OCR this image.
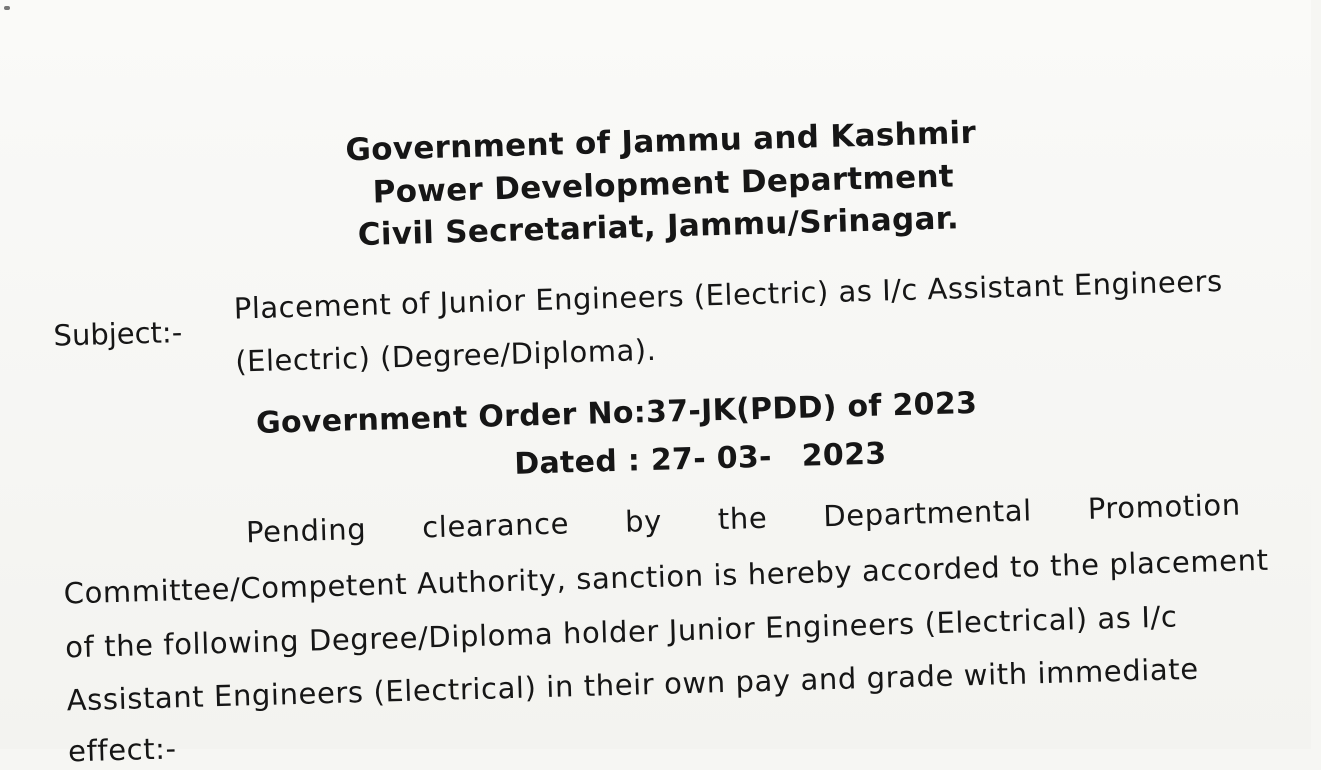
Government of Jammu and Kashmir
Power Development Department
Civil Secretariat, Jammu/Srinagar.
Subject:-
Placement of Junior Engineers (Electric) as I/c Assistant Engineers
(Electric) (Degree/Diploma).
Government Order No:37-JK(PDD) of 2023
Dated : 27- 03- 2023
Pending clearance by the Departmental Promotion
Committee/Competent Authority, sanction is hereby accorded to the placement
of the following Degree/Diploma holder Junior Engineers (Electrical) as I/c
Assistant Engineers (Electrical) in their own pay and grade with immediate
effect:-
